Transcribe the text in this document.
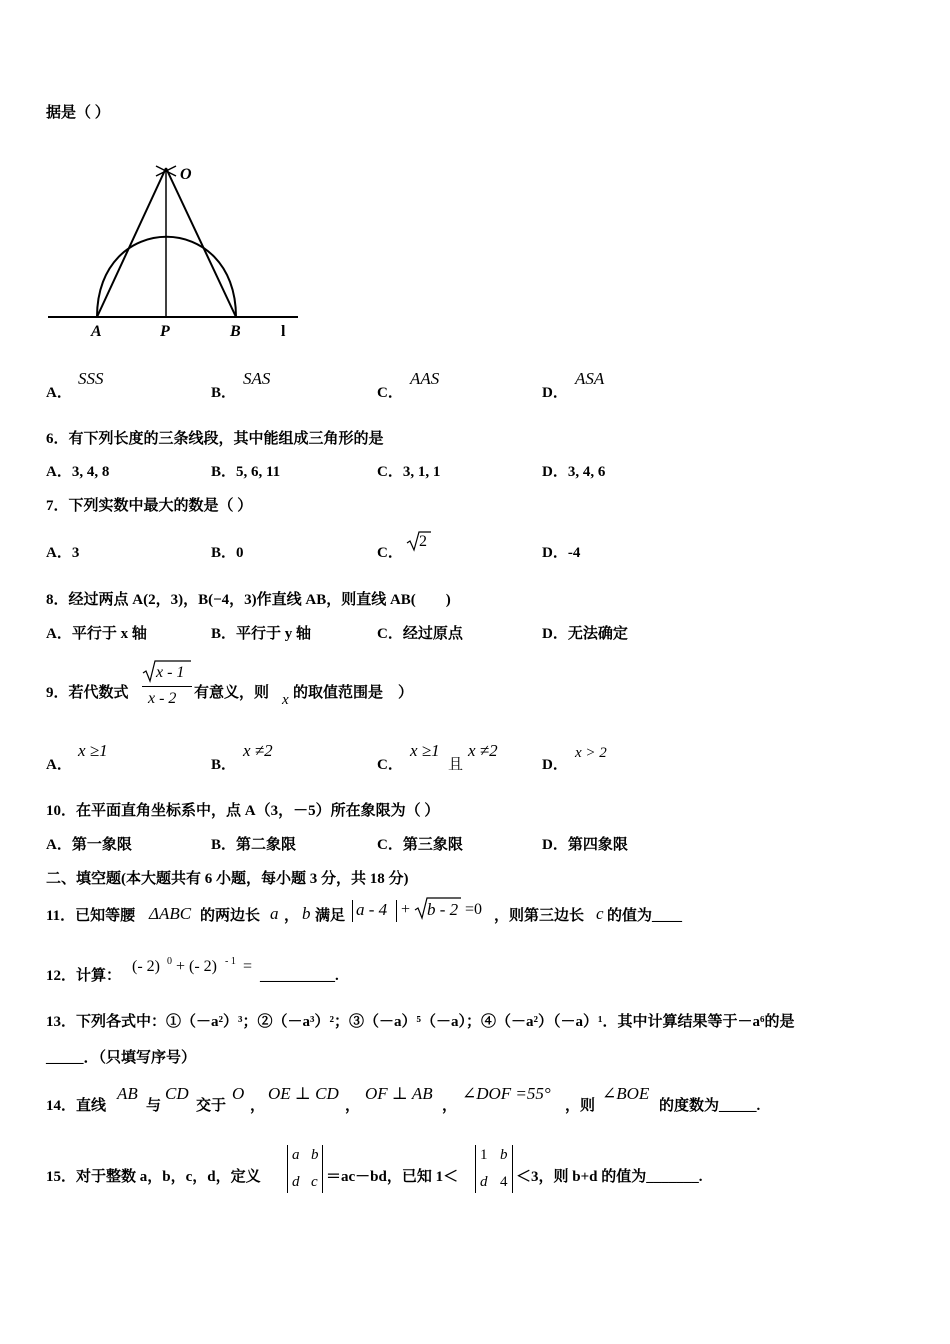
据是（ ）
O
A	P	B	l
A．
SSS
B．
SAS
C．
AAS
D．
ASA
6．有下列长度的三条线段，其中能组成三角形的是
A．3, 4, 8	B．5, 6, 11	C．3, 1, 1	D．3, 4, 6
7．下列实数中最大的数是（ ）
A．3	B．0	C．
2
D．-4
8．经过两点 A(2，3)，B(−4，3)作直线 AB，则直线 AB(　　)
A．平行于 x 轴	B．平行于 y 轴	C．经过原点	D．无法确定
9．若代数式
x - 1
x - 2 有意义，则 x 的取值范围是　）
A．
x ≥1
B．
x ≠2
C．
x ≥1
且
x ≠2
D．
x > 2
10．在平面直角坐标系中，点 A（3，－5）所在象限为（ ）
A．第一象限	B．第二象限	C．第三象限	D．第四象限
二、填空题(本大题共有 6 小题，每小题 3 分，共 18 分)
11．已知等腰 ΔABC 的两边长 a ， b 满足 a - 4 + b - 2 =0 ，则第三边长 c 的值为____
12．计算：
(- 2) 0 + (- 2) - 1 =
__________.
13．下列各式中：①（－a²）³；②（－a³）²；③（－a）⁵（－a）；④（－a²）（－a）¹．其中计算结果等于－a⁶的是
_____．（只填写序号）
14．直线
AB
与
CD
交于
O
，
OE ⊥ CD
，
OF ⊥ AB
，
∠DOF =55°
，则
∠BOE
的度数为_____.
15．对于整数 a，b，c，d，定义
a b
d c ＝ac－bd，已知 1＜
1 b
d 4 ＜3，则 b+d 的值为_______.
